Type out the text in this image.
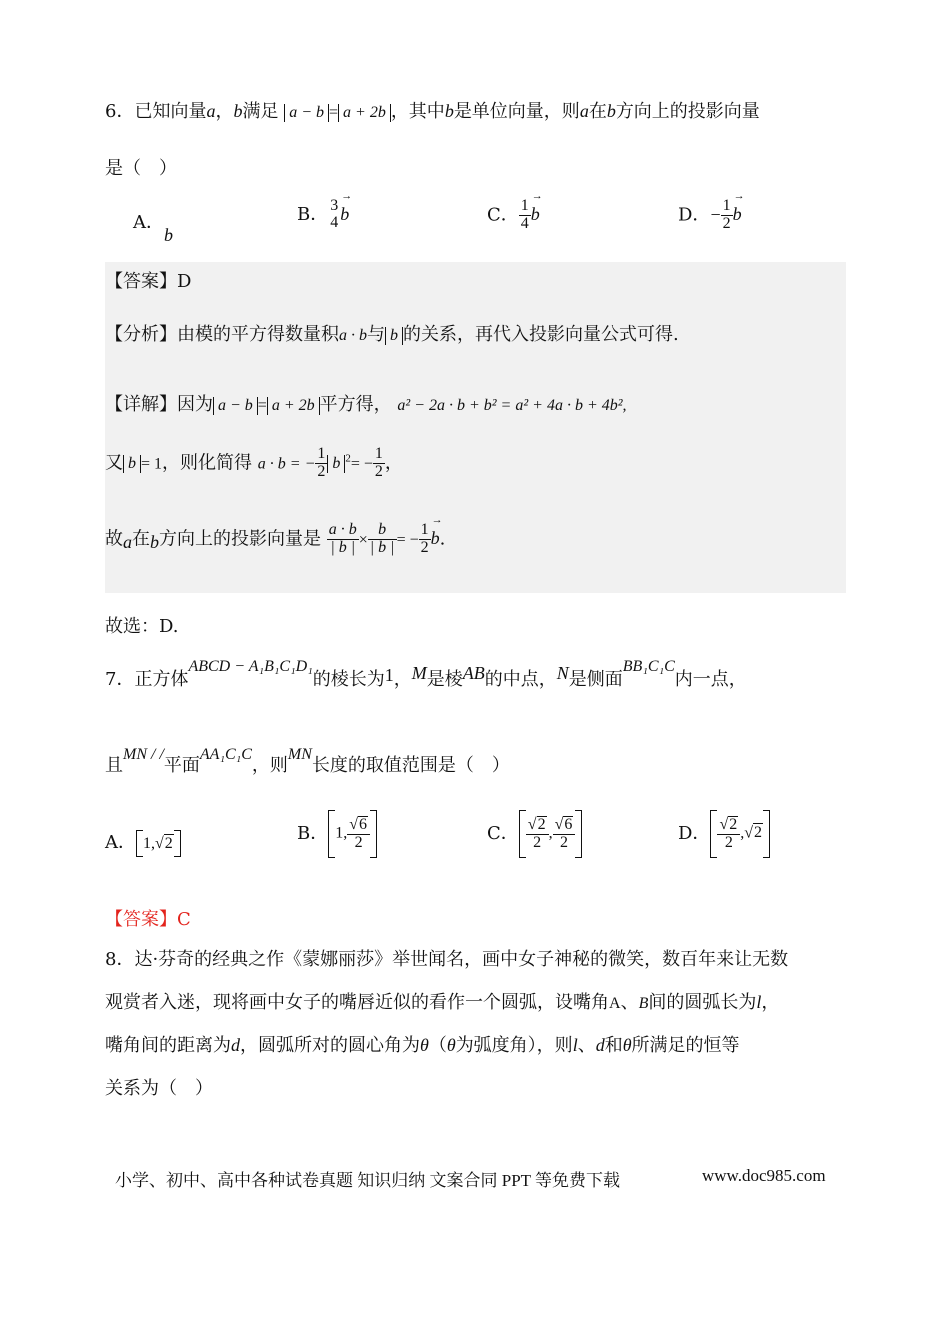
6．已知向量a，b满足 a − b = a + 2b ，其中b是单位向量，则a在b方向上的投影向量
是（　）
A．b
B． 3
4
→ b	C． $\frac{1}{4}$
→ b	D．− $\frac{1}{2}$
→ b
【答案】D
【分析】由模的平方得数量积a · b与 b 的关系，再代入投影向量公式可得.
【详解】因为 a − b = a + 2b 平方得， a² − 2a · b + b² = a² + 4a · b + 4b²,
又 b = 1，则化简得 a · b = − $\frac{1}{2}$ b $^2= - \frac{1}{2}$ ，
故a在b方向上的投影向量是 $\frac{a \cdot b}{| b |} \times \frac{b}{| b |}$ = − $\frac{1}{2}$
→ b.
故选：D.
7．正方体ABCD − A₁B₁C₁D₁的棱长为1，M是棱AB的中点，N是侧面BB₁C₁C内一点，
且MN / /平面AA₁C₁C，则MN长度的取值范围是（　）
A． 1,√2	B． 1, $\frac{√6}{2}$	C． $\frac{√2}{2}$ , $\frac{√6}{2}$	D． $\frac{√2}{2} ,√2$
【答案】C
8．达·芬奇的经典之作《蒙娜丽莎》举世闻名，画中女子神秘的微笑，数百年来让无数
观赏者入迷，现将画中女子的嘴唇近似的看作一个圆弧，设嘴角A、B间的圆弧长为l，
嘴角间的距离为d，圆弧所对的圆心角为θ（θ为弧度角），则l、d和θ所满足的恒等
关系为（　）
小学、初中、高中各种试卷真题 知识归纳 文案合同 PPT 等免费下载	www.doc985.com
